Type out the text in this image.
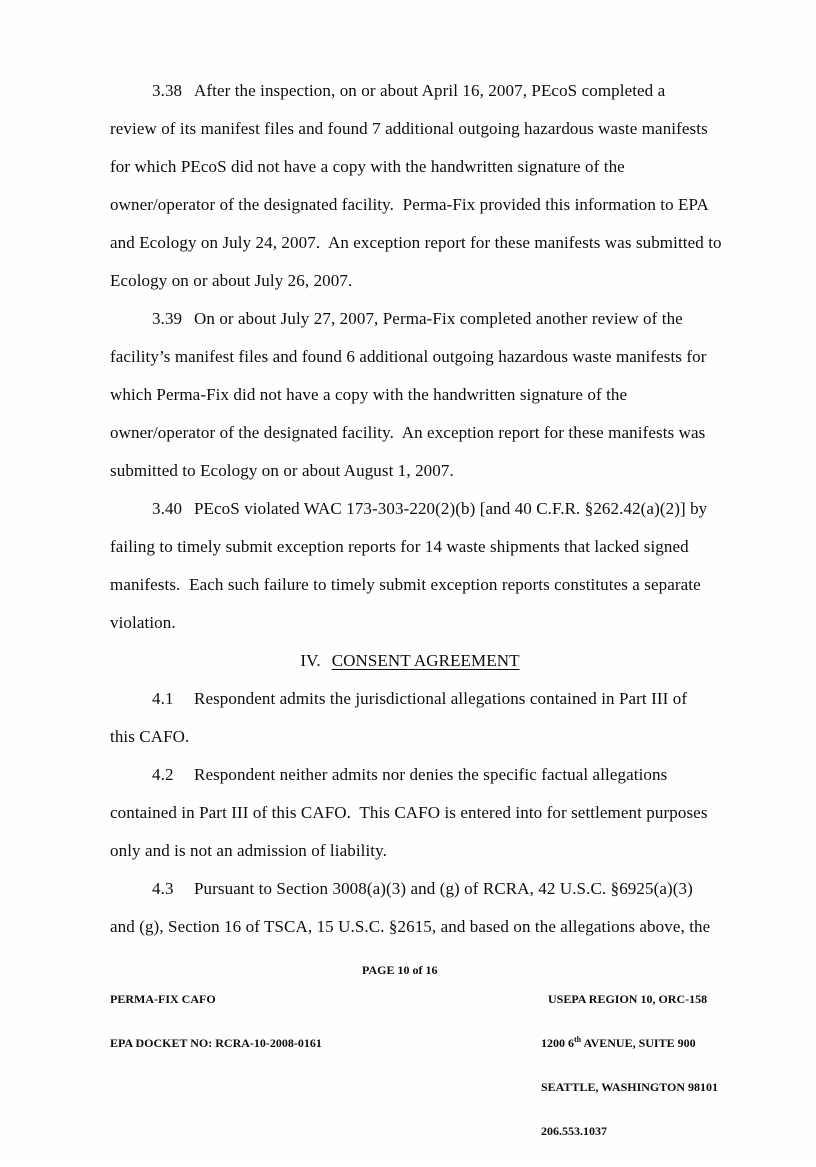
3.38 After the inspection, on or about April 16, 2007, PEcoS completed a
review of its manifest files and found 7 additional outgoing hazardous waste manifests
for which PEcoS did not have a copy with the handwritten signature of the
owner/operator of the designated facility.  Perma-Fix provided this information to EPA
and Ecology on July 24, 2007.  An exception report for these manifests was submitted to
Ecology on or about July 26, 2007.
3.39 On or about July 27, 2007, Perma-Fix completed another review of the
facility’s manifest files and found 6 additional outgoing hazardous waste manifests for
which Perma-Fix did not have a copy with the handwritten signature of the
owner/operator of the designated facility.  An exception report for these manifests was
submitted to Ecology on or about August 1, 2007.
3.40 PEcoS violated WAC 173-303-220(2)(b) [and 40 C.F.R. §262.42(a)(2)] by
failing to timely submit exception reports for 14 waste shipments that lacked signed
manifests.  Each such failure to timely submit exception reports constitutes a separate
violation.
IV. CONSENT AGREEMENT
4.1 Respondent admits the jurisdictional allegations contained in Part III of
this CAFO.
4.2 Respondent neither admits nor denies the specific factual allegations
contained in Part III of this CAFO.  This CAFO is entered into for settlement purposes
only and is not an admission of liability.
4.3 Pursuant to Section 3008(a)(3) and (g) of RCRA, 42 U.S.C. §6925(a)(3)
and (g), Section 16 of TSCA, 15 U.S.C. §2615, and based on the allegations above, the

PERMA-FIX CAFO

EPA DOCKET NO: RCRA-10-2008-0161

PAGE 10 of 16

USEPA REGION 10, ORC-158

1200 6th AVENUE, SUITE 900

SEATTLE, WASHINGTON 98101

206.553.1037
